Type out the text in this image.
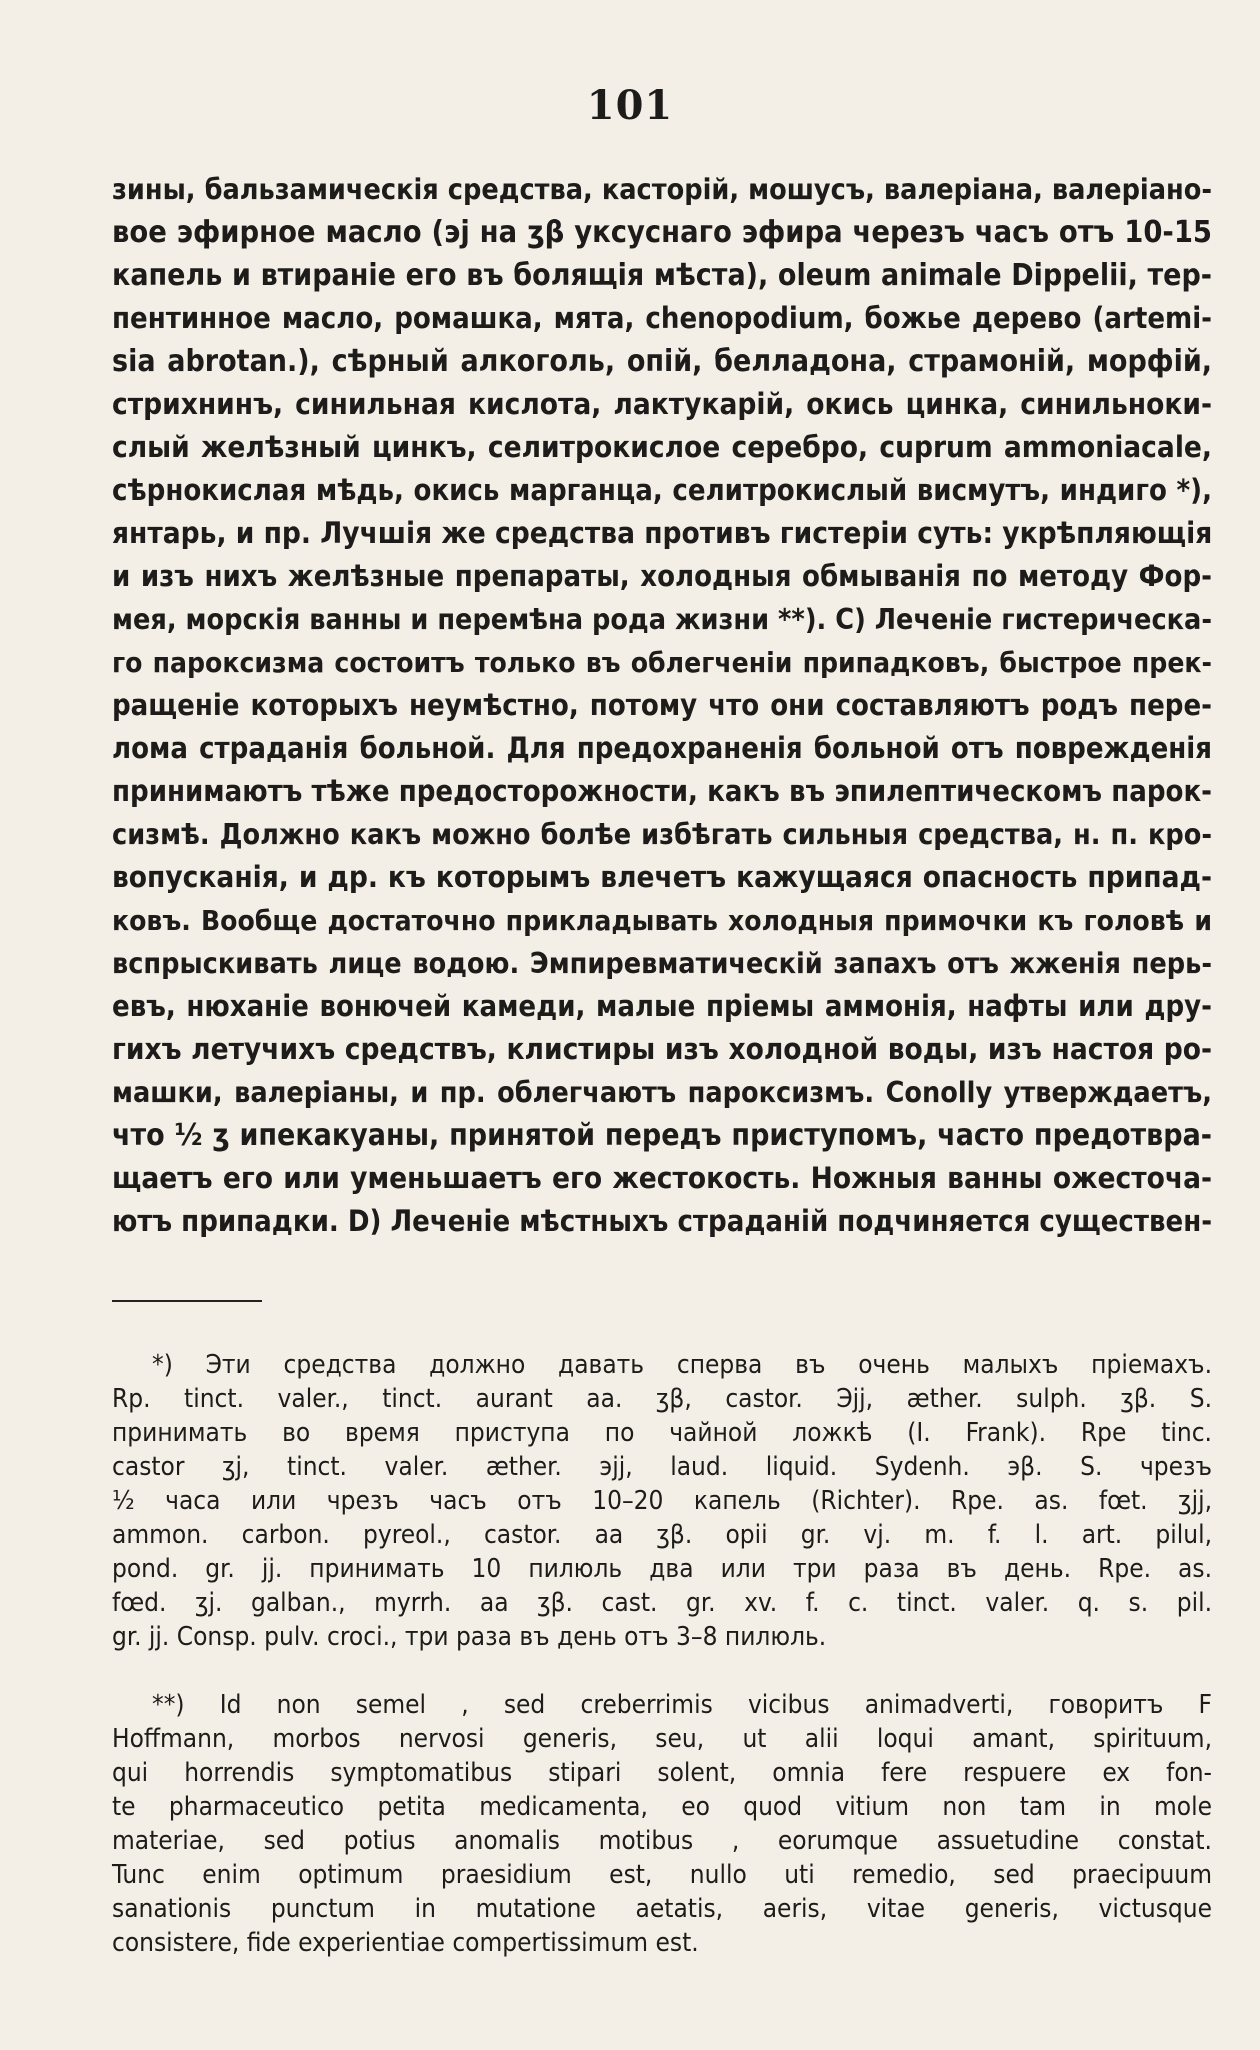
101
зины, бальзамическія средства, касторій, мошусъ, валеріана, валеріано-
вое эфирное масло (эj на ʒβ уксуснаго эфира черезъ часъ отъ 10-15
капель и втираніе его въ болящія мѣста), oleum animale Dippelii, тер-
пентинное масло, ромашка, мята, chenopodium, божье дерево (artemi-
sia abrotan.), сѣрный алкоголь, опій, белладона, страмоній, морфій,
стрихнинъ, синильная кислота, лактукарій, окись цинка, синильноки-
слый желѣзный цинкъ, селитрокислое серебро, cuprum ammoniacale,
сѣрнокислая мѣдь, окись марганца, селитрокислый висмутъ, индиго *),
янтарь, и пр. Лучшія же средства противъ гистеріи суть: укрѣпляющія
и изъ нихъ желѣзные препараты, холодныя обмыванія по методу Фор-
мея, морскія ванны и перемѣна рода жизни **). C) Леченіе гистерическа-
го пароксизма состоитъ только въ облегченіи припадковъ, быстрое прек-
ращеніе которыхъ неумѣстно, потому что они составляютъ родъ пере-
лома страданія больной. Для предохраненія больной отъ поврежденія
принимаютъ тѣже предосторожности, какъ въ эпилептическомъ парок-
сизмѣ. Должно какъ можно болѣе избѣгать сильныя средства, н. п. кро-
вопусканія, и др. къ которымъ влечетъ кажущаяся опасность припад-
ковъ. Вообще достаточно прикладывать холодныя примочки къ головѣ и
вспрыскивать лице водою. Эмпиревматическій запахъ отъ жженія перь-
евъ, нюханіе вонючей камеди, малые пріемы аммонія, нафты или дру-
гихъ летучихъ средствъ, клистиры изъ холодной воды, изъ настоя ро-
машки, валеріаны, и пр. облегчаютъ пароксизмъ. Conolly утверждаетъ,
что ½ ʒ ипекакуаны, принятой передъ приступомъ, часто предотвра-
щаетъ его или уменьшаетъ его жестокость. Ножныя ванны ожесточа-
ютъ припадки. D) Леченіе мѣстныхъ страданій подчиняется существен-
*) Эти средства должно давать сперва въ очень малыхъ пріемахъ.
Rp. tinct. valer., tinct. aurant aa. ʒβ, castor. Эjj, æther. sulph. ʒβ. S.
принимать во время приступа по чайной ложкѣ (I. Frank). Rpe tinc.
castor ʒj, tinct. valer. æther. эjj, laud. liquid. Sydenh. эβ. S. чрезъ
½ часа или чрезъ часъ отъ 10–20 капель (Richter). Rpe. as. fœt. ʒjj,
ammon. carbon. pyreol., castor. aa ʒβ. opii gr. vj. m. f. l. art. pilul,
pond. gr. jj. принимать 10 пилюль два или три раза въ день. Rpe. as.
fœd. ʒj. galban., myrrh. aa ʒβ. cast. gr. xv. f. c. tinct. valer. q. s. pil.
gr. jj. Consp. pulv. croci., три раза въ день отъ 3–8 пилюль.
**) Id non semel , sed creberrimis vicibus animadverti, говоритъ F
Hoffmann, morbos nervosi generis, seu, ut alii loqui amant, spirituum,
qui horrendis symptomatibus stipari solent, omnia fere respuere ex fon-
te pharmaceutico petita medicamenta, eo quod vitium non tam in mole
materiae, sed potius anomalis motibus , eorumque assuetudine constat.
Tunc enim optimum praesidium est, nullo uti remedio, sed praecipuum
sanationis punctum in mutatione aetatis, aeris, vitae generis, victusque
consistere, fide experientiae compertissimum est.
